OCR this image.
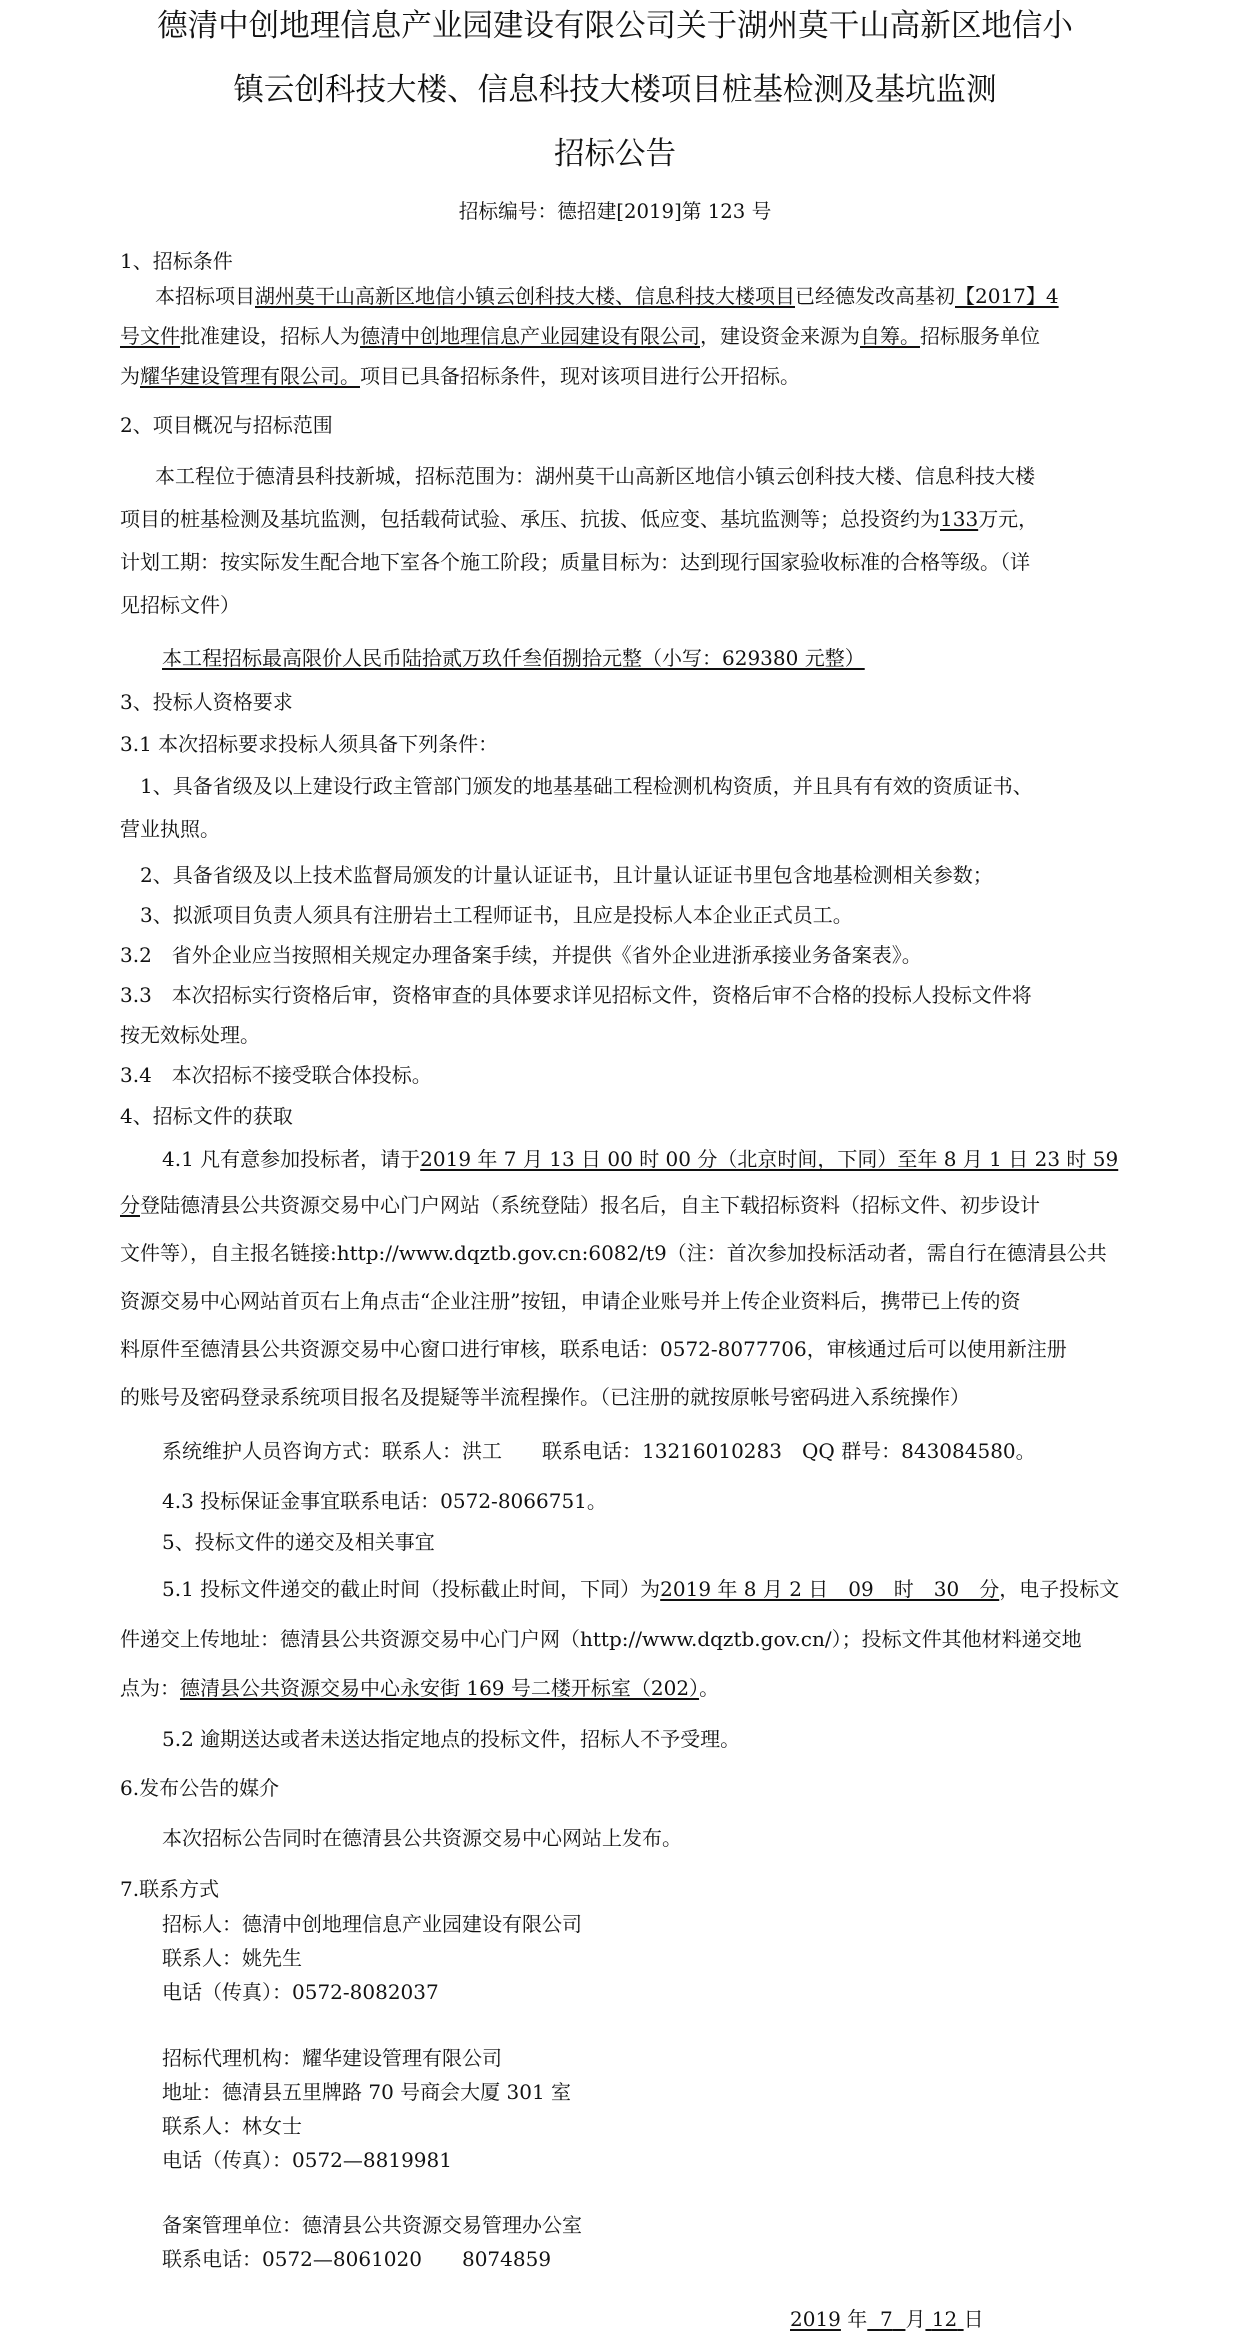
德清中创地理信息产业园建设有限公司关于湖州莫干山高新区地信小
镇云创科技大楼、信息科技大楼项目桩基检测及基坑监测
招标公告
招标编号：德招建[2019]第 123 号
1、招标条件
本招标项目湖州莫干山高新区地信小镇云创科技大楼、信息科技大楼项目已经德发改高基初【2017】4
号文件批准建设，招标人为德清中创地理信息产业园建设有限公司，建设资金来源为自筹。招标服务单位
为耀华建设管理有限公司。项目已具备招标条件，现对该项目进行公开招标。
2、项目概况与招标范围
本工程位于德清县科技新城，招标范围为：湖州莫干山高新区地信小镇云创科技大楼、信息科技大楼
项目的桩基检测及基坑监测，包括载荷试验、承压、抗拔、低应变、基坑监测等；总投资约为133万元，
计划工期：按实际发生配合地下室各个施工阶段；质量目标为：达到现行国家验收标准的合格等级。（详
见招标文件）
本工程招标最高限价人民币陆拾贰万玖仟叁佰捌拾元整（小写：629380 元整）
3、投标人资格要求
3.1 本次招标要求投标人须具备下列条件：
1、具备省级及以上建设行政主管部门颁发的地基基础工程检测机构资质，并且具有有效的资质证书、
营业执照。
2、具备省级及以上技术监督局颁发的计量认证证书，且计量认证证书里包含地基检测相关参数；
3、拟派项目负责人须具有注册岩土工程师证书，且应是投标人本企业正式员工。
3.2　省外企业应当按照相关规定办理备案手续，并提供《省外企业进浙承接业务备案表》。
3.3　本次招标实行资格后审，资格审查的具体要求详见招标文件，资格后审不合格的投标人投标文件将
按无效标处理。
3.4　本次招标不接受联合体投标。
4、招标文件的获取
4.1 凡有意参加投标者，请于2019 年 7 月 13 日 00 时 00 分（北京时间，下同）至年 8 月 1 日 23 时 59
分登陆德清县公共资源交易中心门户网站（系统登陆）报名后，自主下载招标资料（招标文件、初步设计
文件等），自主报名链接:http://www.dqztb.gov.cn:6082/t9（注：首次参加投标活动者，需自行在德清县公共
资源交易中心网站首页右上角点击“企业注册”按钮，申请企业账号并上传企业资料后，携带已上传的资
料原件至德清县公共资源交易中心窗口进行审核，联系电话：0572-8077706，审核通过后可以使用新注册
的账号及密码登录系统项目报名及提疑等半流程操作。（已注册的就按原帐号密码进入系统操作）
系统维护人员咨询方式：联系人：洪工　　联系电话：13216010283　QQ 群号：843084580。
4.3 投标保证金事宜联系电话：0572-8066751。
5、投标文件的递交及相关事宜
5.1 投标文件递交的截止时间（投标截止时间，下同）为2019 年 8 月 2 日　09　时　30　分，电子投标文
件递交上传地址：德清县公共资源交易中心门户网（http://www.dqztb.gov.cn/）；投标文件其他材料递交地
点为：德清县公共资源交易中心永安街 169 号二楼开标室（202）。
5.2 逾期送达或者未送达指定地点的投标文件，招标人不予受理。
6.发布公告的媒介
本次招标公告同时在德清县公共资源交易中心网站上发布。
7.联系方式
招标人：德清中创地理信息产业园建设有限公司
联系人：姚先生
电话（传真）：0572-8082037
招标代理机构：耀华建设管理有限公司
地址：德清县五里牌路 70 号商会大厦 301 室
联系人：林女士
电话（传真）：0572—8819981
备案管理单位：德清县公共资源交易管理办公室
联系电话：0572—8061020　　8074859
2019 年 7 月 12 日
